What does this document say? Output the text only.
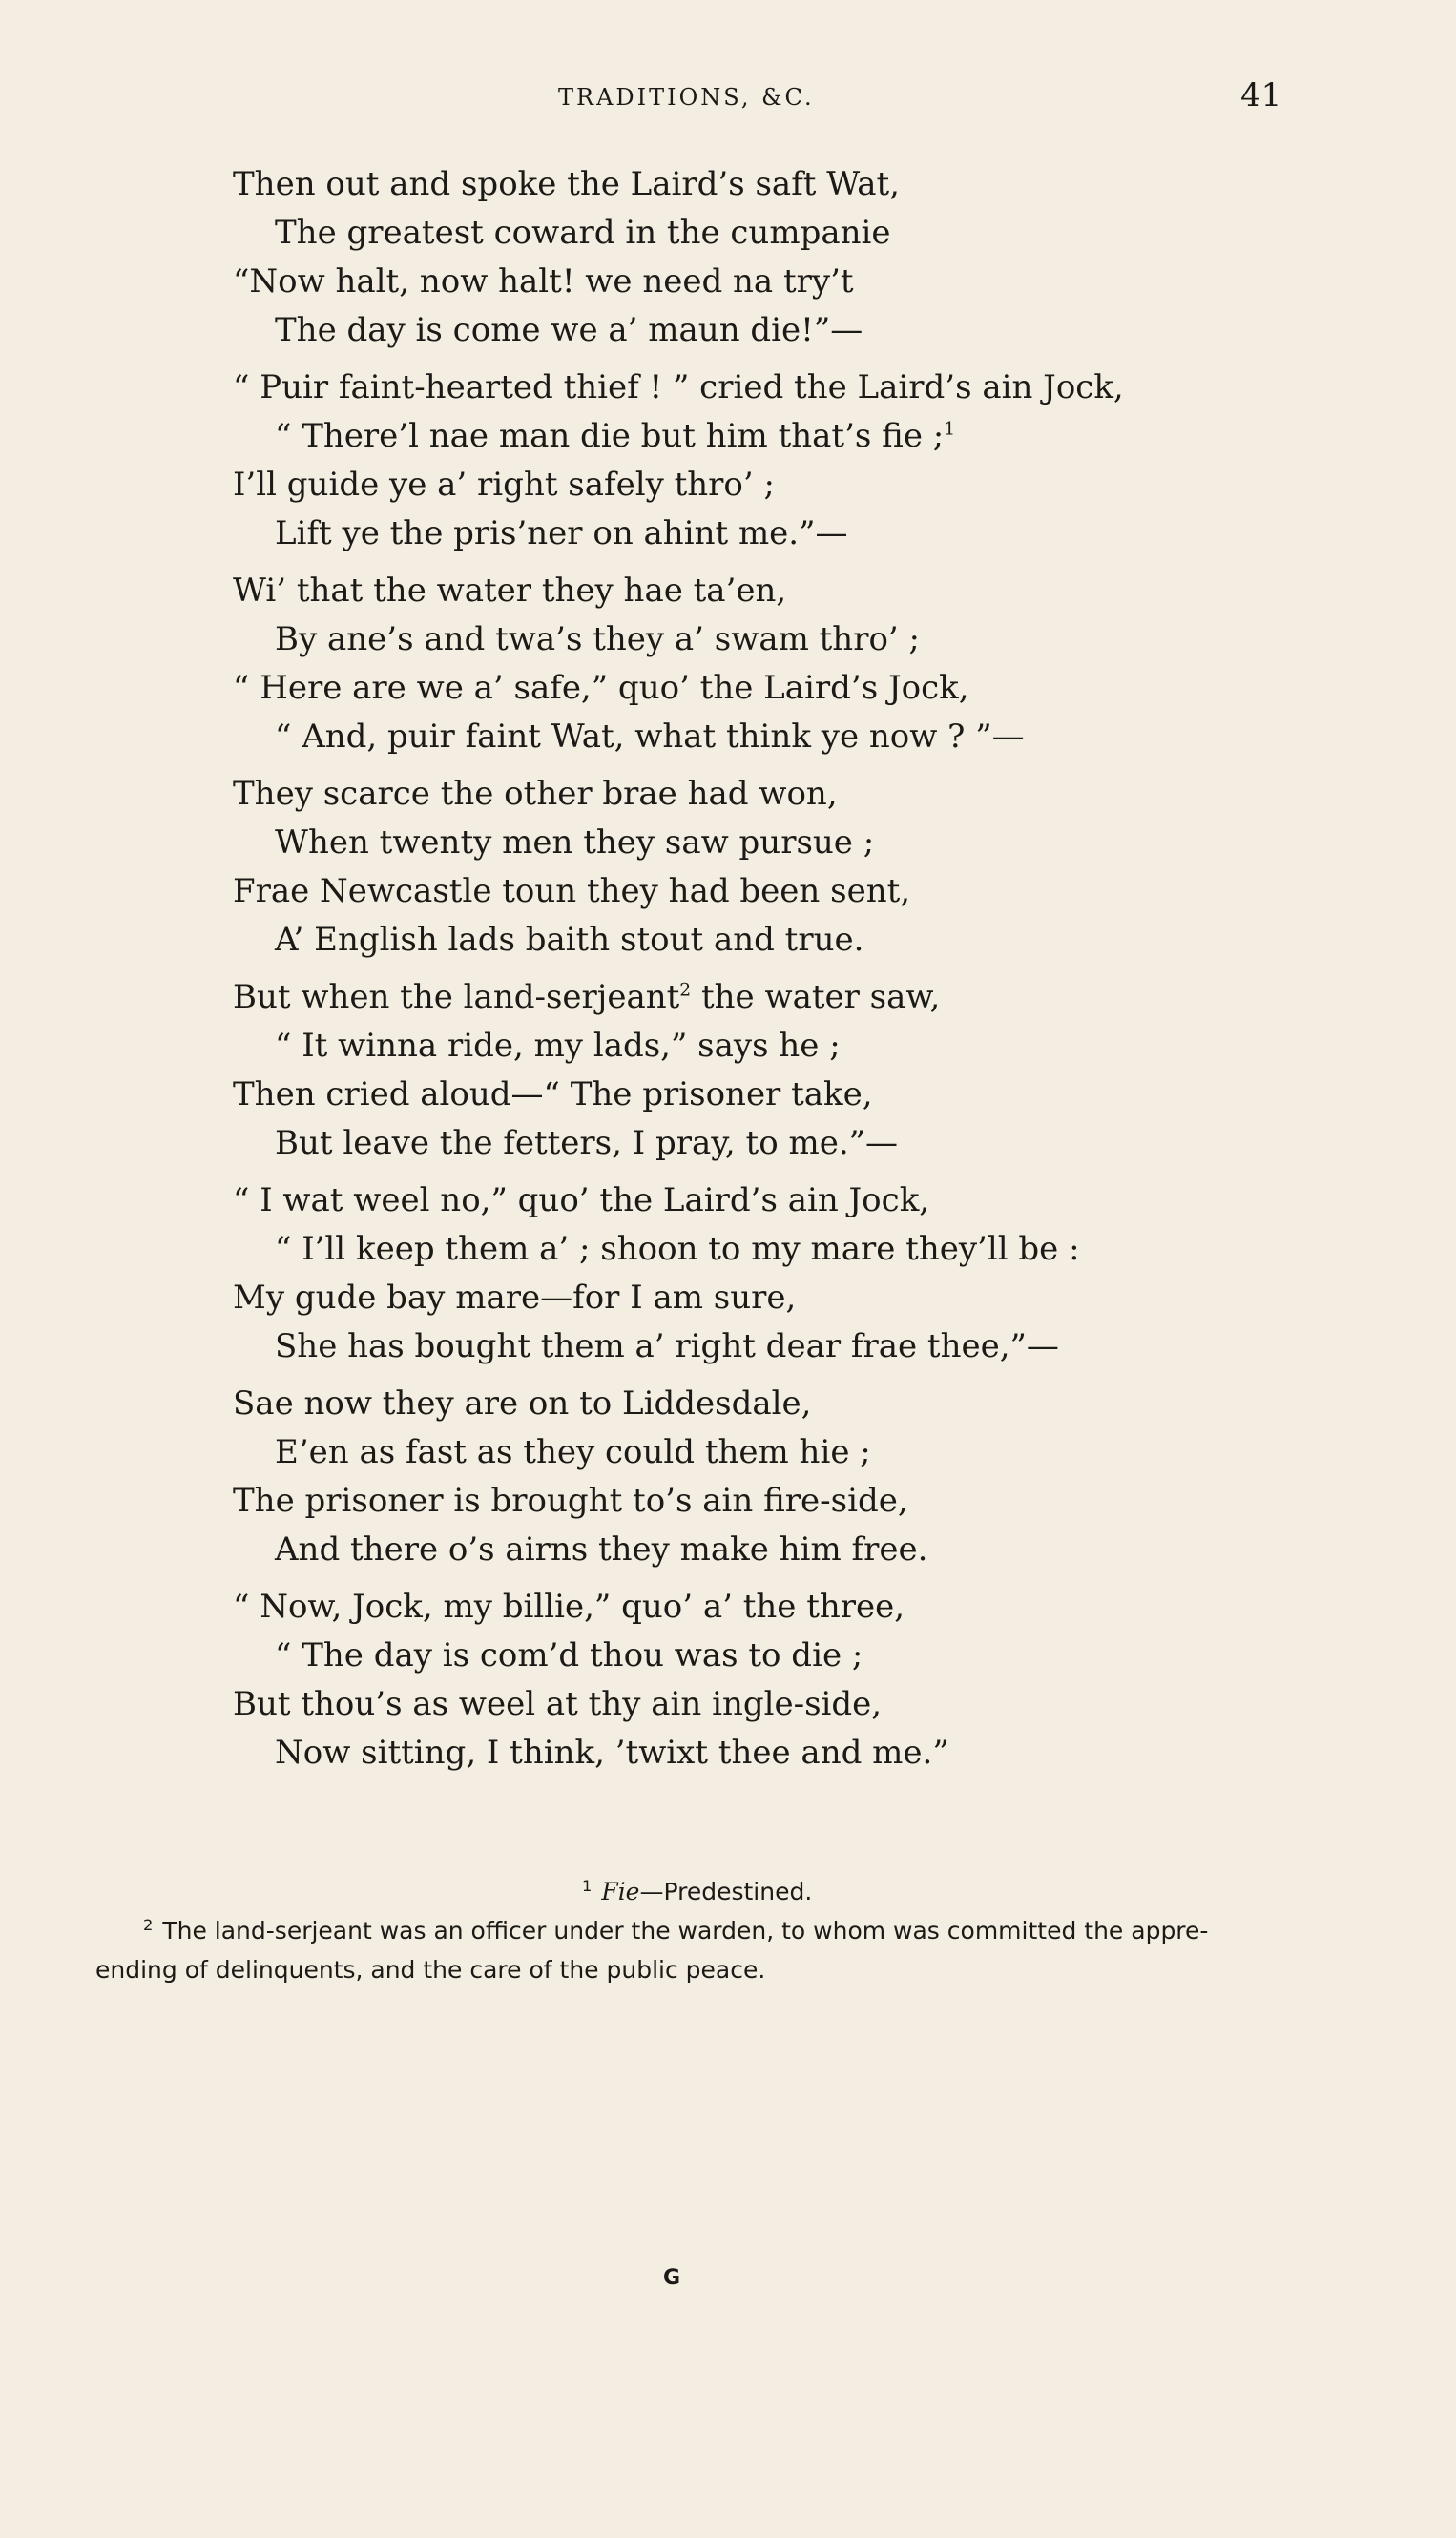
TRADITIONS, &C.	41
Then out and spoke the Laird’s saft Wat,
The greatest coward in the cumpanie
“Now halt, now halt! we need na try’t
The day is come we a’ maun die!”—
“ Puir faint-hearted thief ! ” cried the Laird’s ain Jock,
“ There’l nae man die but him that’s fie ;$^1$
I’ll guide ye a’ right safely thro’ ;
Lift ye the pris’ner on ahint me.”—
Wi’ that the water they hae ta’en,
By ane’s and twa’s they a’ swam thro’ ;
“ Here are we a’ safe,” quo’ the Laird’s Jock,
“ And, puir faint Wat, what think ye now ? ”—
They scarce the other brae had won,
When twenty men they saw pursue ;
Frae Newcastle toun they had been sent,
A’ English lads baith stout and true.
But when the land-serjeant$^2$ the water saw,
“ It winna ride, my lads,” says he ;
Then cried aloud—“ The prisoner take,
But leave the fetters, I pray, to me.”—
“ I wat weel no,” quo’ the Laird’s ain Jock,
“ I’ll keep them a’ ; shoon to my mare they’ll be :
My gude bay mare—for I am sure,
She has bought them a’ right dear frae thee,”—
Sae now they are on to Liddesdale,
E’en as fast as they could them hie ;
The prisoner is brought to’s ain fire-side,
And there o’s airns they make him free.
“ Now, Jock, my billie,” quo’ a’ the three,
“ The day is com’d thou was to die ;
But thou’s as weel at thy ain ingle-side,
Now sitting, I think, ’twixt thee and me.”
$^1$ Fie—Predestined.
$^2$ The land-serjeant was an officer under the warden, to whom was committed the appre- ending of delinquents, and the care of the public peace.
G
